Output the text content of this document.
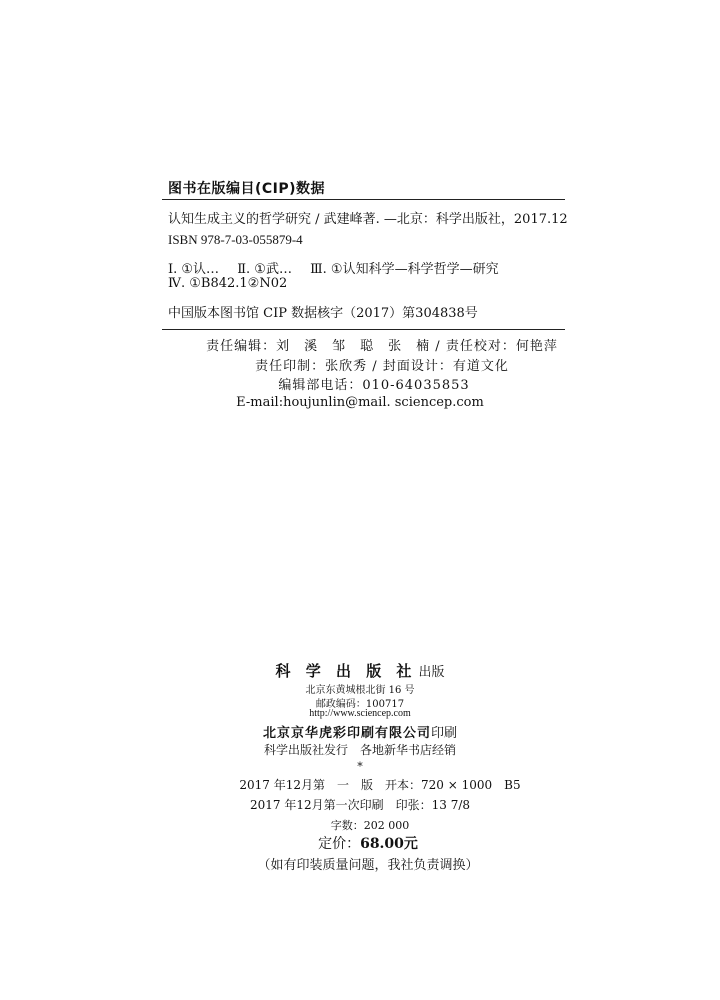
图书在版编目(CIP)数据
认知生成主义的哲学研究 / 武建峰著. —北京：科学出版社，2017.12
ISBN 978-7-03-055879-4
Ⅰ. ①认… Ⅱ. ①武… Ⅲ. ①认知科学—科学哲学—研究
Ⅳ. ①B842.1②N02
中国版本图书馆 CIP 数据核字（2017）第304838号
责任编辑：刘　溪　邹　聪　张　楠 / 责任校对：何艳萍
责任印制：张欣秀 / 封面设计：有道文化
编辑部电话：010-64035853
E-mail:houjunlin@mail. sciencep.com
科 学 出 版 社 出版
北京东黄城根北街 16 号
邮政编码：100717
http://www.sciencep.com
北京京华虎彩印刷有限公司印刷
科学出版社发行　各地新华书店经销
*
2017 年12月第　一　版　开本：720 × 1000　B5
2017 年12月第一次印刷　印张：13 7/8
字数：202 000
定价：68.00元
（如有印装质量问题，我社负责调换）
